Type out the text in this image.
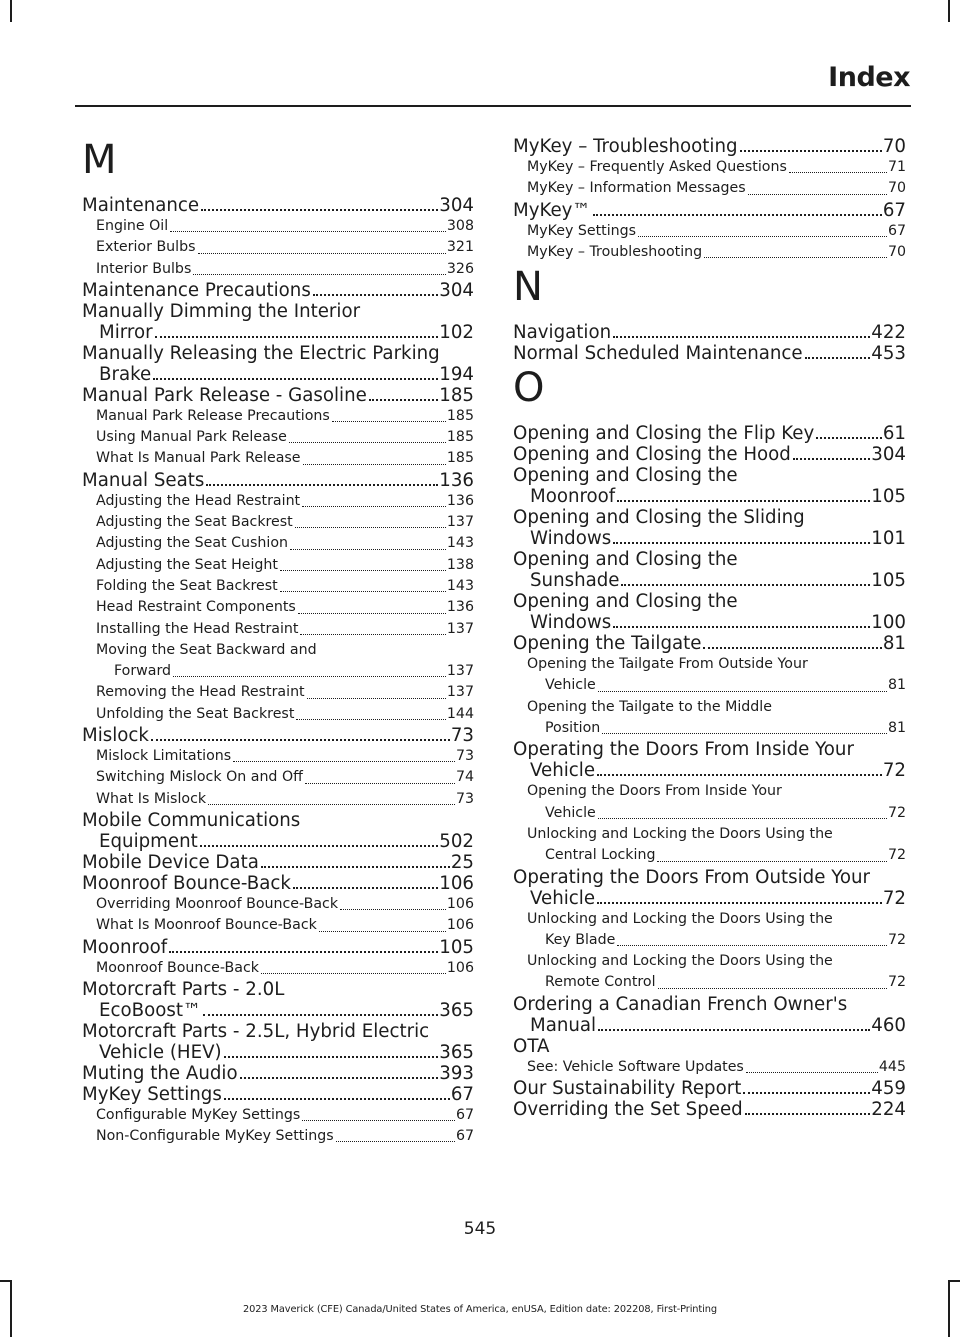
Index
M
Maintenance	304
Engine Oil	308
Exterior Bulbs	321
Interior Bulbs	326
Maintenance Precautions	304
Manually Dimming the Interior
Mirror	102
Manually Releasing the Electric Parking
Brake	194
Manual Park Release - Gasoline	185
Manual Park Release Precautions	185
Using Manual Park Release	185
What Is Manual Park Release	185
Manual Seats	136
Adjusting the Head Restraint	136
Adjusting the Seat Backrest	137
Adjusting the Seat Cushion	143
Adjusting the Seat Height	138
Folding the Seat Backrest	143
Head Restraint Components	136
Installing the Head Restraint	137
Moving the Seat Backward and
Forward	137
Removing the Head Restraint	137
Unfolding the Seat Backrest	144
Mislock	73
Mislock Limitations	73
Switching Mislock On and Off	74
What Is Mislock	73
Mobile Communications
Equipment	502
Mobile Device Data	25
Moonroof Bounce-Back	106
Overriding Moonroof Bounce-Back	106
What Is Moonroof Bounce-Back	106
Moonroof	105
Moonroof Bounce-Back	106
Motorcraft Parts - 2.0L
EcoBoost™	365
Motorcraft Parts - 2.5L, Hybrid Electric
Vehicle (HEV)	365
Muting the Audio	393
MyKey Settings	67
Configurable MyKey Settings	67
Non-Configurable MyKey Settings	67
MyKey – Troubleshooting	70
MyKey – Frequently Asked Questions	71
MyKey – Information Messages	70
MyKey™	67
MyKey Settings	67
MyKey – Troubleshooting	70
N
Navigation	422
Normal Scheduled Maintenance	453
O
Opening and Closing the Flip Key	61
Opening and Closing the Hood	304
Opening and Closing the
Moonroof	105
Opening and Closing the Sliding
Windows	101
Opening and Closing the
Sunshade	105
Opening and Closing the
Windows	100
Opening the Tailgate	81
Opening the Tailgate From Outside Your
Vehicle	81
Opening the Tailgate to the Middle
Position	81
Operating the Doors From Inside Your
Vehicle	72
Opening the Doors From Inside Your
Vehicle	72
Unlocking and Locking the Doors Using the
Central Locking	72
Operating the Doors From Outside Your
Vehicle	72
Unlocking and Locking the Doors Using the
Key Blade	72
Unlocking and Locking the Doors Using the
Remote Control	72
Ordering a Canadian French Owner's
Manual	460
OTA
See: Vehicle Software Updates	445
Our Sustainability Report	459
Overriding the Set Speed	224
545
2023 Maverick (CFE) Canada/United States of America, enUSA, Edition date: 202208, First-Printing
